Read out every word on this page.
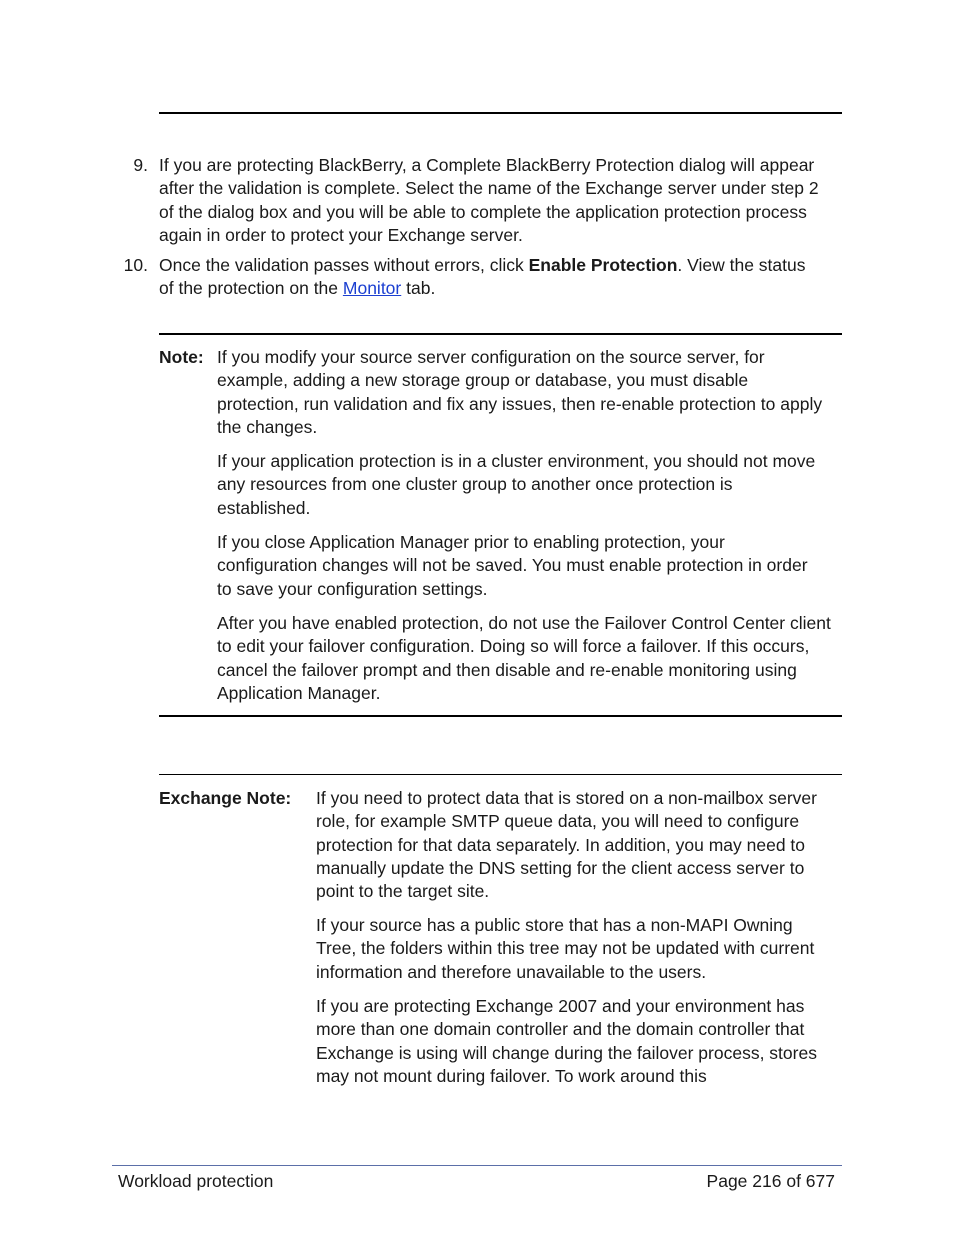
9. If you are protecting BlackBerry, a Complete BlackBerry Protection dialog will appear after the validation is complete. Select the name of the Exchange server under step 2 of the dialog box and you will be able to complete the application protection process again in order to protect your Exchange server.
10. Once the validation passes without errors, click Enable Protection. View the status of the protection on the Monitor tab.
Note: If you modify your source server configuration on the source server, for example, adding a new storage group or database, you must disable protection, run validation and fix any issues, then re-enable protection to apply the changes.
If your application protection is in a cluster environment, you should not move any resources from one cluster group to another once protection is established.
If you close Application Manager prior to enabling protection, your configuration changes will not be saved. You must enable protection in order to save your configuration settings.
After you have enabled protection, do not use the Failover Control Center client to edit your failover configuration. Doing so will force a failover. If this occurs, cancel the failover prompt and then disable and re-enable monitoring using Application Manager.
Exchange Note: If you need to protect data that is stored on a non-mailbox server role, for example SMTP queue data, you will need to configure protection for that data separately. In addition, you may need to manually update the DNS setting for the client access server to point to the target site.
If your source has a public store that has a non-MAPI Owning Tree, the folders within this tree may not be updated with current information and therefore unavailable to the users.
If you are protecting Exchange 2007 and your environment has more than one domain controller and the domain controller that Exchange is using will change during the failover process, stores may not mount during failover. To work around this
Workload protection	Page 216 of 677
